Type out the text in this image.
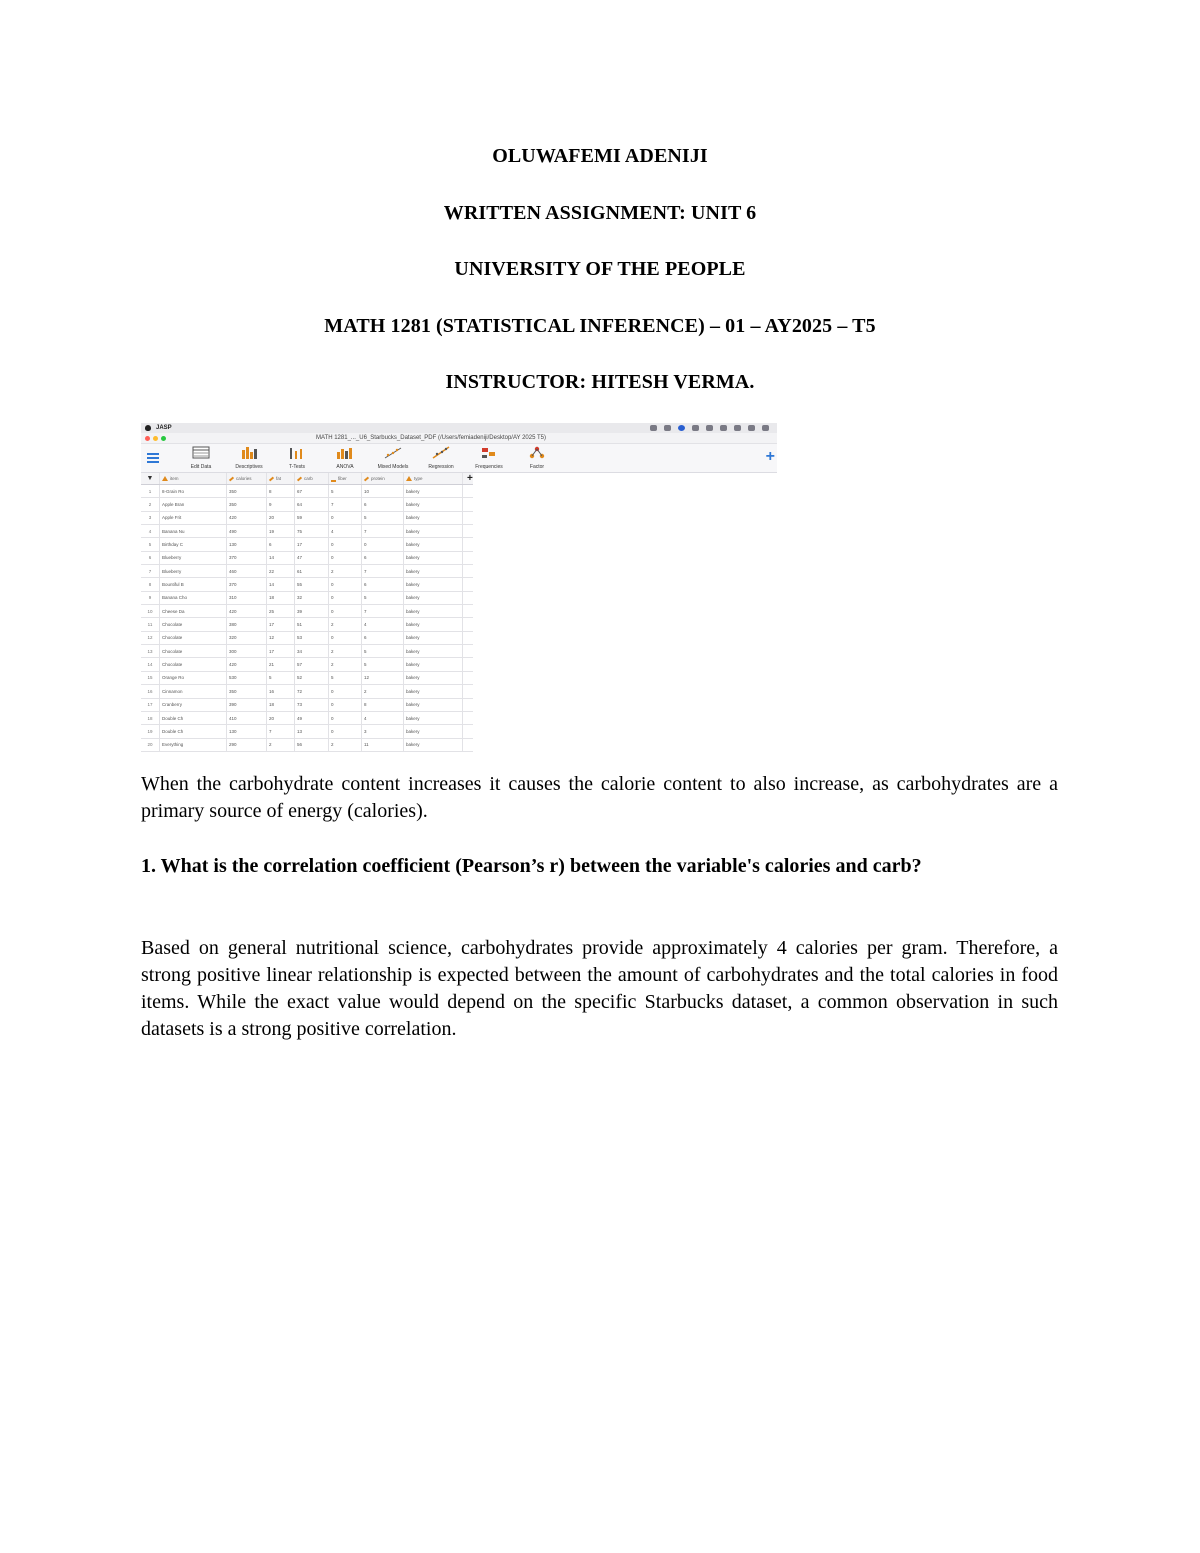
OLUWAFEMI ADENIJI

WRITTEN ASSIGNMENT: UNIT 6

UNIVERSITY OF THE PEOPLE

MATH 1281 (STATISTICAL INFERENCE) – 01 – AY2025 – T5

INSTRUCTOR: HITESH VERMA.

JASP
MATH 1281_..._U6_Starbucks_Dataset_PDF (/Users/femiadeniji/Desktop/AY 2025 T5)
Edit Data	Descriptives	T-Tests	ANOVA	Mixed Models	Regression	Frequencies	Factor
+
▼	item	calories	fat	carb	fiber	protein	type	+
1	8-Grain Ro	350	8	67	5	10	bakery
2	Apple Bran	350	9	64	7	6	bakery
3	Apple Frit	420	20	59	0	5	bakery
4	Banana Nu	490	19	75	4	7	bakery
5	Birthday C	130	6	17	0	0	bakery
6	Blueberry	370	14	47	0	6	bakery
7	Blueberry	460	22	61	2	7	bakery
8	Bountiful B	370	14	55	0	6	bakery
9	Banana Cho	310	18	32	0	5	bakery
10	Cheese Da	420	25	39	0	7	bakery
11	Chocolate	380	17	51	2	4	bakery
12	Chocolate	320	12	53	0	6	bakery
13	Chocolate	300	17	34	2	5	bakery
14	Chocolate	420	21	57	2	5	bakery
15	Orange Ro	530	5	52	5	12	bakery
16	Cinnamon	350	16	72	0	2	bakery
17	Cranberry	390	18	73	0	8	bakery
18	Double Ch	410	20	49	0	4	bakery
19	Double Ch	130	7	13	0	3	bakery
20	Everything	290	2	56	2	11	bakery

When the carbohydrate content increases it causes the calorie content to also increase, as carbohydrates are a primary source of energy (calories).

1. What is the correlation coefficient (Pearson’s r) between the variable's calories and carb?

Based on general nutritional science, carbohydrates provide approximately 4 calories per gram. Therefore, a strong positive linear relationship is expected between the amount of carbohydrates and the total calories in food items. While the exact value would depend on the specific Starbucks dataset, a common observation in such datasets is a strong positive correlation.
